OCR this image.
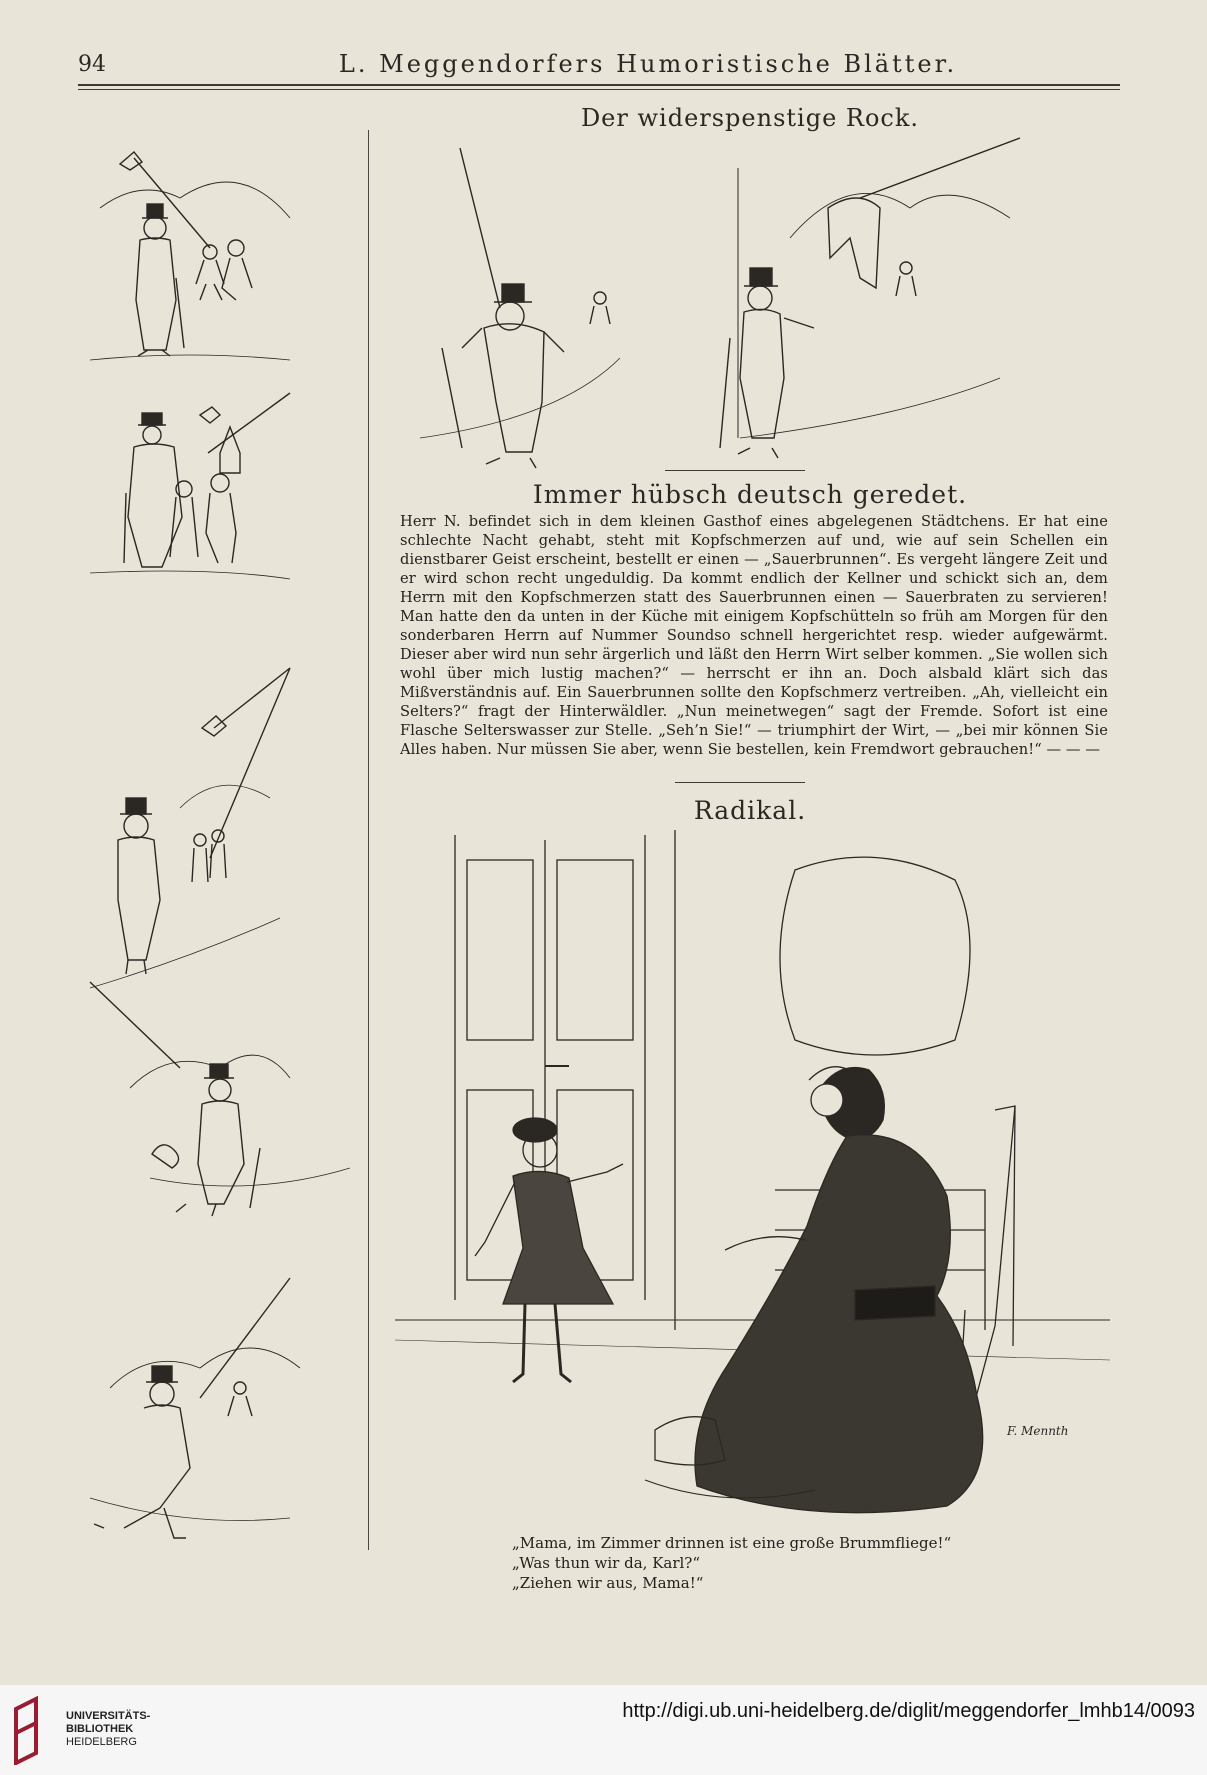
94	L. Meggendorfers Humoristische Blätter.
Der widerspenstige Rock.
Immer hübsch deutsch geredet.

Herr N. befindet sich in dem kleinen Gasthof eines abgelegenen Städtchens. Er hat eine schlechte Nacht gehabt, steht mit Kopfschmerzen auf und, wie auf sein Schellen ein dienstbarer Geist erscheint, bestellt er einen — „Sauerbrunnen“. Es vergeht längere Zeit und er wird schon recht ungeduldig. Da kommt endlich der Kellner und schickt sich an, dem Herrn mit den Kopfschmerzen statt des Sauerbrunnen einen — Sauerbraten zu servieren! Man hatte den da unten in der Küche mit einigem Kopfschütteln so früh am Morgen für den sonderbaren Herrn auf Nummer Soundso schnell hergerichtet resp. wieder aufgewärmt. Dieser aber wird nun sehr ärgerlich und läßt den Herrn Wirt selber kommen. „Sie wollen sich wohl über mich lustig machen?“ — herrscht er ihn an. Doch alsbald klärt sich das Mißverständnis auf. Ein Sauerbrunnen sollte den Kopfschmerz vertreiben. „Ah, vielleicht ein Selters?“ fragt der Hinterwäldler. „Nun meinetwegen“ sagt der Fremde. Sofort ist eine Flasche Selterswasser zur Stelle. „Seh’n Sie!“ — triumphirt der Wirt, — „bei mir können Sie Alles haben. Nur müssen Sie aber, wenn Sie bestellen, kein Fremdwort gebrauchen!“ — — —

Radikal.
F. Mennth
„Mama, im Zimmer drinnen ist eine große Brummfliege!“
„Was thun wir da, Karl?“
„Ziehen wir aus, Mama!“
UNIVERSITÄTS-
BIBLIOTHEK
HEIDELBERG
http://digi.ub.uni-heidelberg.de/diglit/meggendorfer_lmhb14/0093
